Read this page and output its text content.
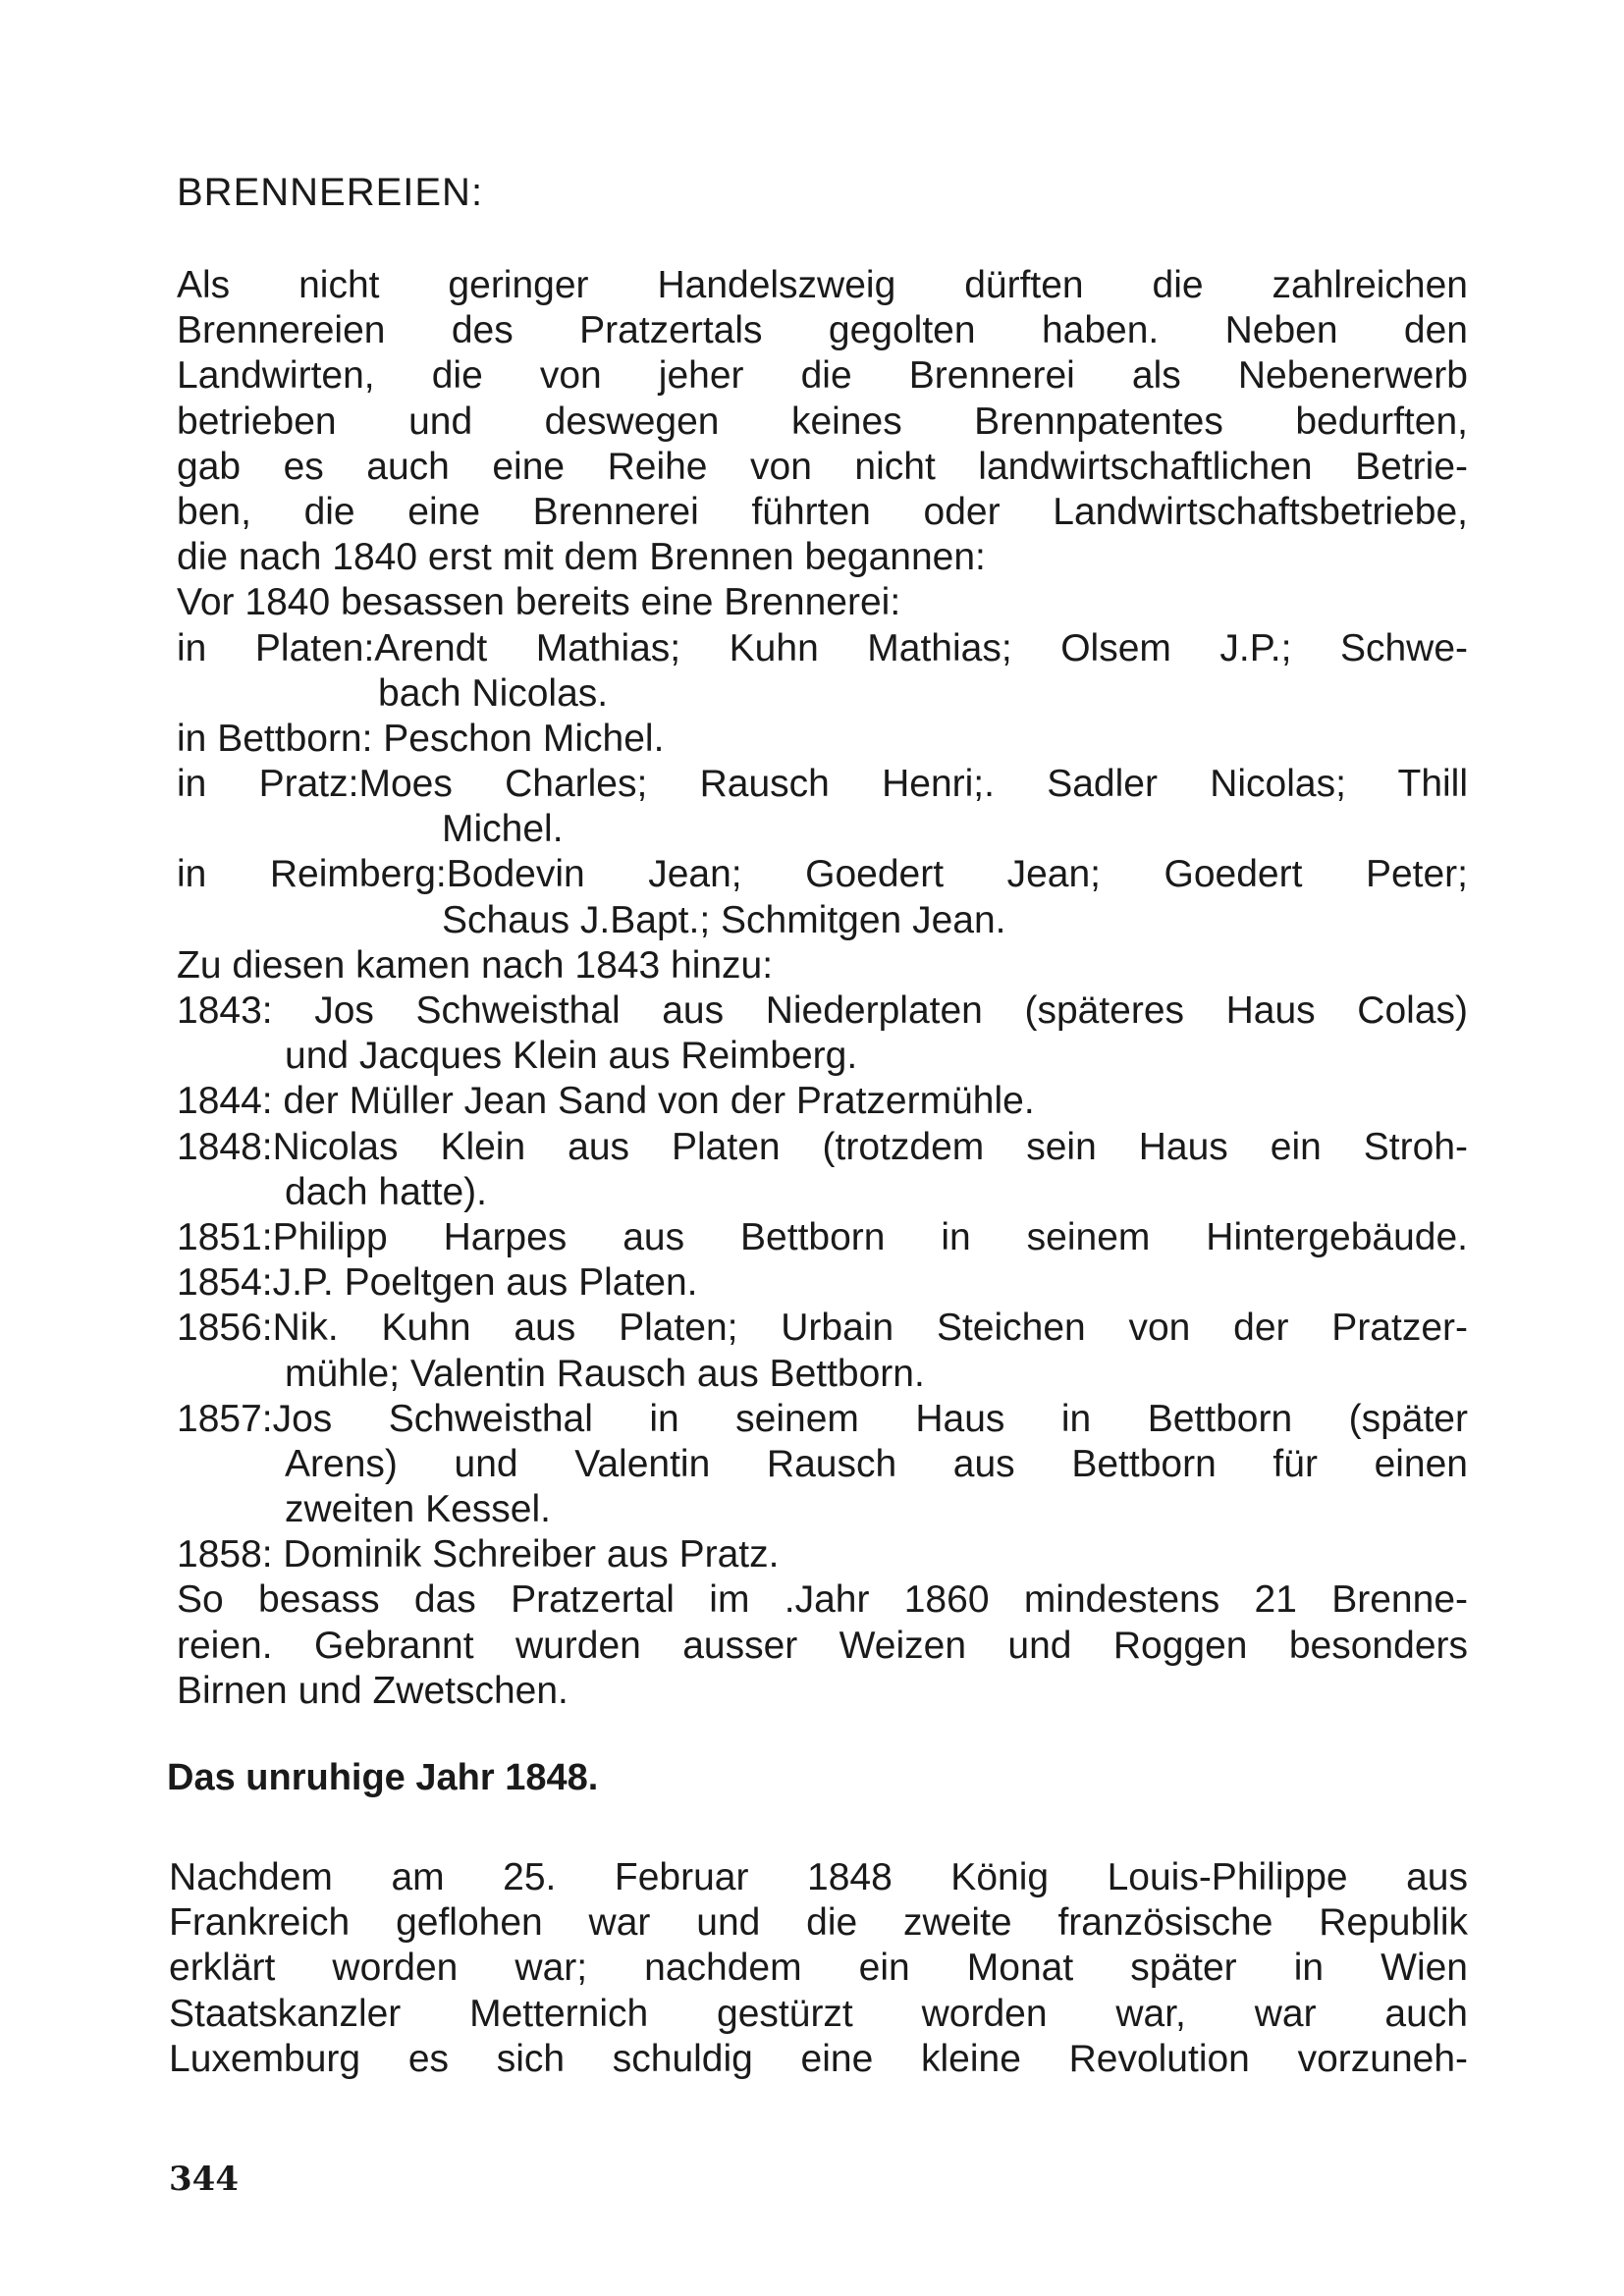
BRENNEREIEN:
Als nicht geringer Handelszweig dürften die zahlreichen
Brennereien des Pratzertals gegolten haben. Neben den
Landwirten, die von jeher die Brennerei als Nebenerwerb
betrieben und deswegen keines Brennpatentes bedurften,
gab es auch eine Reihe von nicht landwirtschaftlichen Betrie-
ben, die eine Brennerei führten oder Landwirtschaftsbetriebe,
die nach 1840 erst mit dem Brennen begannen:
Vor 1840 besassen bereits eine Brennerei:
in Platen:Arendt Mathias; Kuhn Mathias; Olsem J.P.; Schwe-
bach Nicolas.
in Bettborn: Peschon Michel.
in Pratz:Moes Charles; Rausch Henri;. Sadler Nicolas; Thill
Michel.
in Reimberg:Bodevin Jean; Goedert Jean; Goedert Peter;
Schaus J.Bapt.; Schmitgen Jean.
Zu diesen kamen nach 1843 hinzu:
1843: Jos Schweisthal aus Niederplaten (späteres Haus Colas)
und Jacques Klein aus Reimberg.
1844: der Müller Jean Sand von der Pratzermühle.
1848:Nicolas Klein aus Platen (trotzdem sein Haus ein Stroh-
dach hatte).
1851:Philipp Harpes aus Bettborn in seinem Hintergebäude.
1854:J.P. Poeltgen aus Platen.
1856:Nik. Kuhn aus Platen; Urbain Steichen von der Pratzer-
mühle; Valentin Rausch aus Bettborn.
1857:Jos Schweisthal in seinem Haus in Bettborn (später
Arens) und Valentin Rausch aus Bettborn für einen
zweiten Kessel.
1858: Dominik Schreiber aus Pratz.
So besass das Pratzertal im .Jahr 1860 mindestens 21 Brenne-
reien. Gebrannt wurden ausser Weizen und Roggen besonders
Birnen und Zwetschen.
Das unruhige Jahr 1848.
Nachdem am 25. Februar 1848 König Louis-Philippe aus
Frankreich geflohen war und die zweite französische Republik
erklärt worden war; nachdem ein Monat später in Wien
Staatskanzler Metternich gestürzt worden war, war auch
Luxemburg es sich schuldig eine kleine Revolution vorzuneh-
344
